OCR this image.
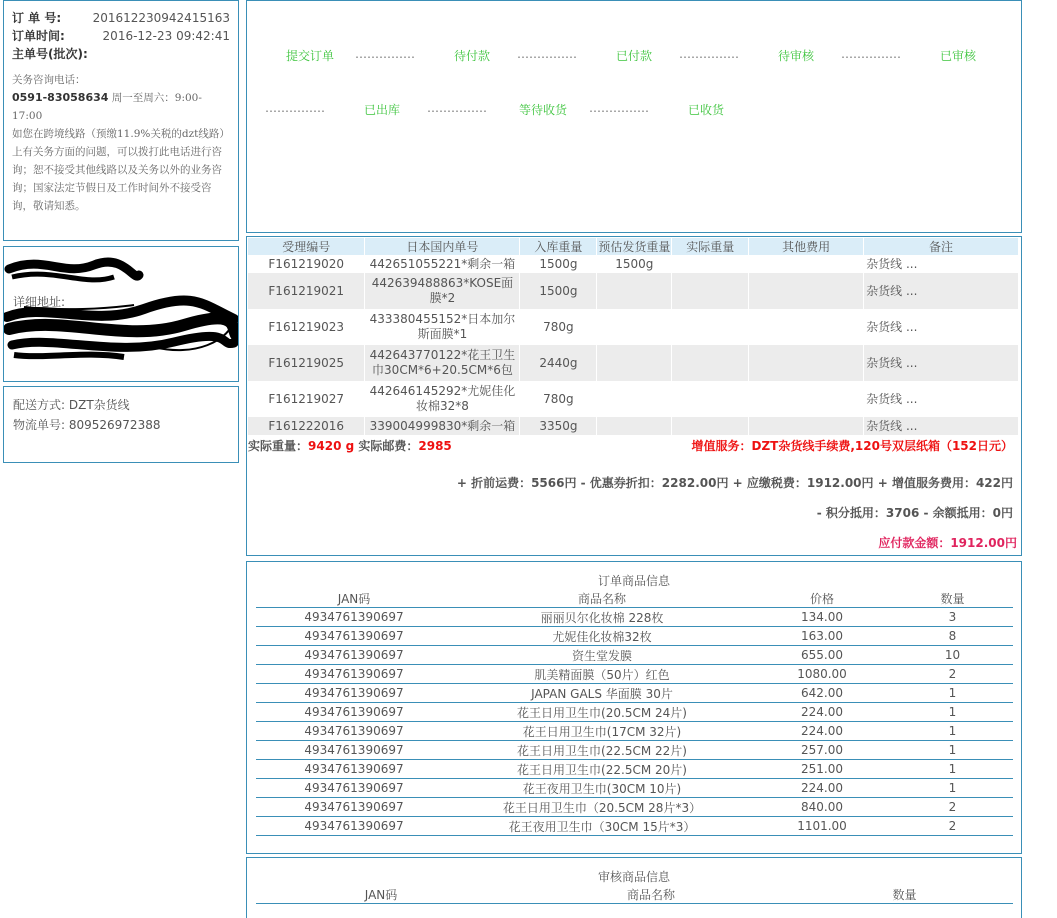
订 单 号:	201612230942415163
订单时间:	2016-12-23 09:42:41
主单号(批次):
关务咨询电话：
0591-83058634 周一至周六：9:00-17:00
如您在跨境线路（预缴11.9%关税的dzt线路）上有关务方面的问题，可以拨打此电话进行咨询；恕不接受其他线路以及关务以外的业务咨询；国家法定节假日及工作时间外不接受咨询，敬请知悉。
详细地址:
配送方式: DZT杂货线
物流单号: 809526972388
提交订单 ……………	待付款 ……………	已付款 ……………	待审核 ……………	已审核
……………	已出库 ……………	等待收货 ……………	已收货
受理编号	日本国内单号	入库重量	预估发货重量	实际重量	其他费用	备注
F161219020	442651055221*剩余一箱	1500g	1500g			杂货线 ...
F161219021	442639488863*KOSE面膜*2	1500g				杂货线 ...
F161219023	433380455152*日本加尔斯面膜*1	780g				杂货线 ...
F161219025	442643770122*花王卫生巾30CM*6+20.5CM*6包	2440g				杂货线 ...
F161219027	442646145292*尤妮佳化妆棉32*8	780g				杂货线 ...
F161222016	339004999830*剩余一箱	3350g				杂货线 ...
实际重量：9420 g 实际邮费：2985	增值服务：DZT杂货线手续费,120号双层纸箱（152日元）
+ 折前运费：5566円 - 优惠券折扣：2282.00円 + 应缴税费：1912.00円 + 增值服务费用：422円
- 积分抵用：3706 - 余额抵用：0円
应付款金额：1912.00円
订单商品信息
JAN码	商品名称	价格	数量
4934761390697	丽丽贝尔化妆棉 228枚	134.00	3
4934761390697	尤妮佳化妆棉32枚	163.00	8
4934761390697	资生堂发膜	655.00	10
4934761390697	肌美精面膜（50片）红色	1080.00	2
4934761390697	JAPAN GALS 华面膜 30片	642.00	1
4934761390697	花王日用卫生巾(20.5CM 24片)	224.00	1
4934761390697	花王日用卫生巾(17CM 32片)	224.00	1
4934761390697	花王日用卫生巾(22.5CM 22片)	257.00	1
4934761390697	花王日用卫生巾(22.5CM 20片)	251.00	1
4934761390697	花王夜用卫生巾(30CM 10片)	224.00	1
4934761390697	花王日用卫生巾（20.5CM 28片*3）	840.00	2
4934761390697	花王夜用卫生巾（30CM 15片*3）	1101.00	2
审核商品信息
JAN码	商品名称	数量
